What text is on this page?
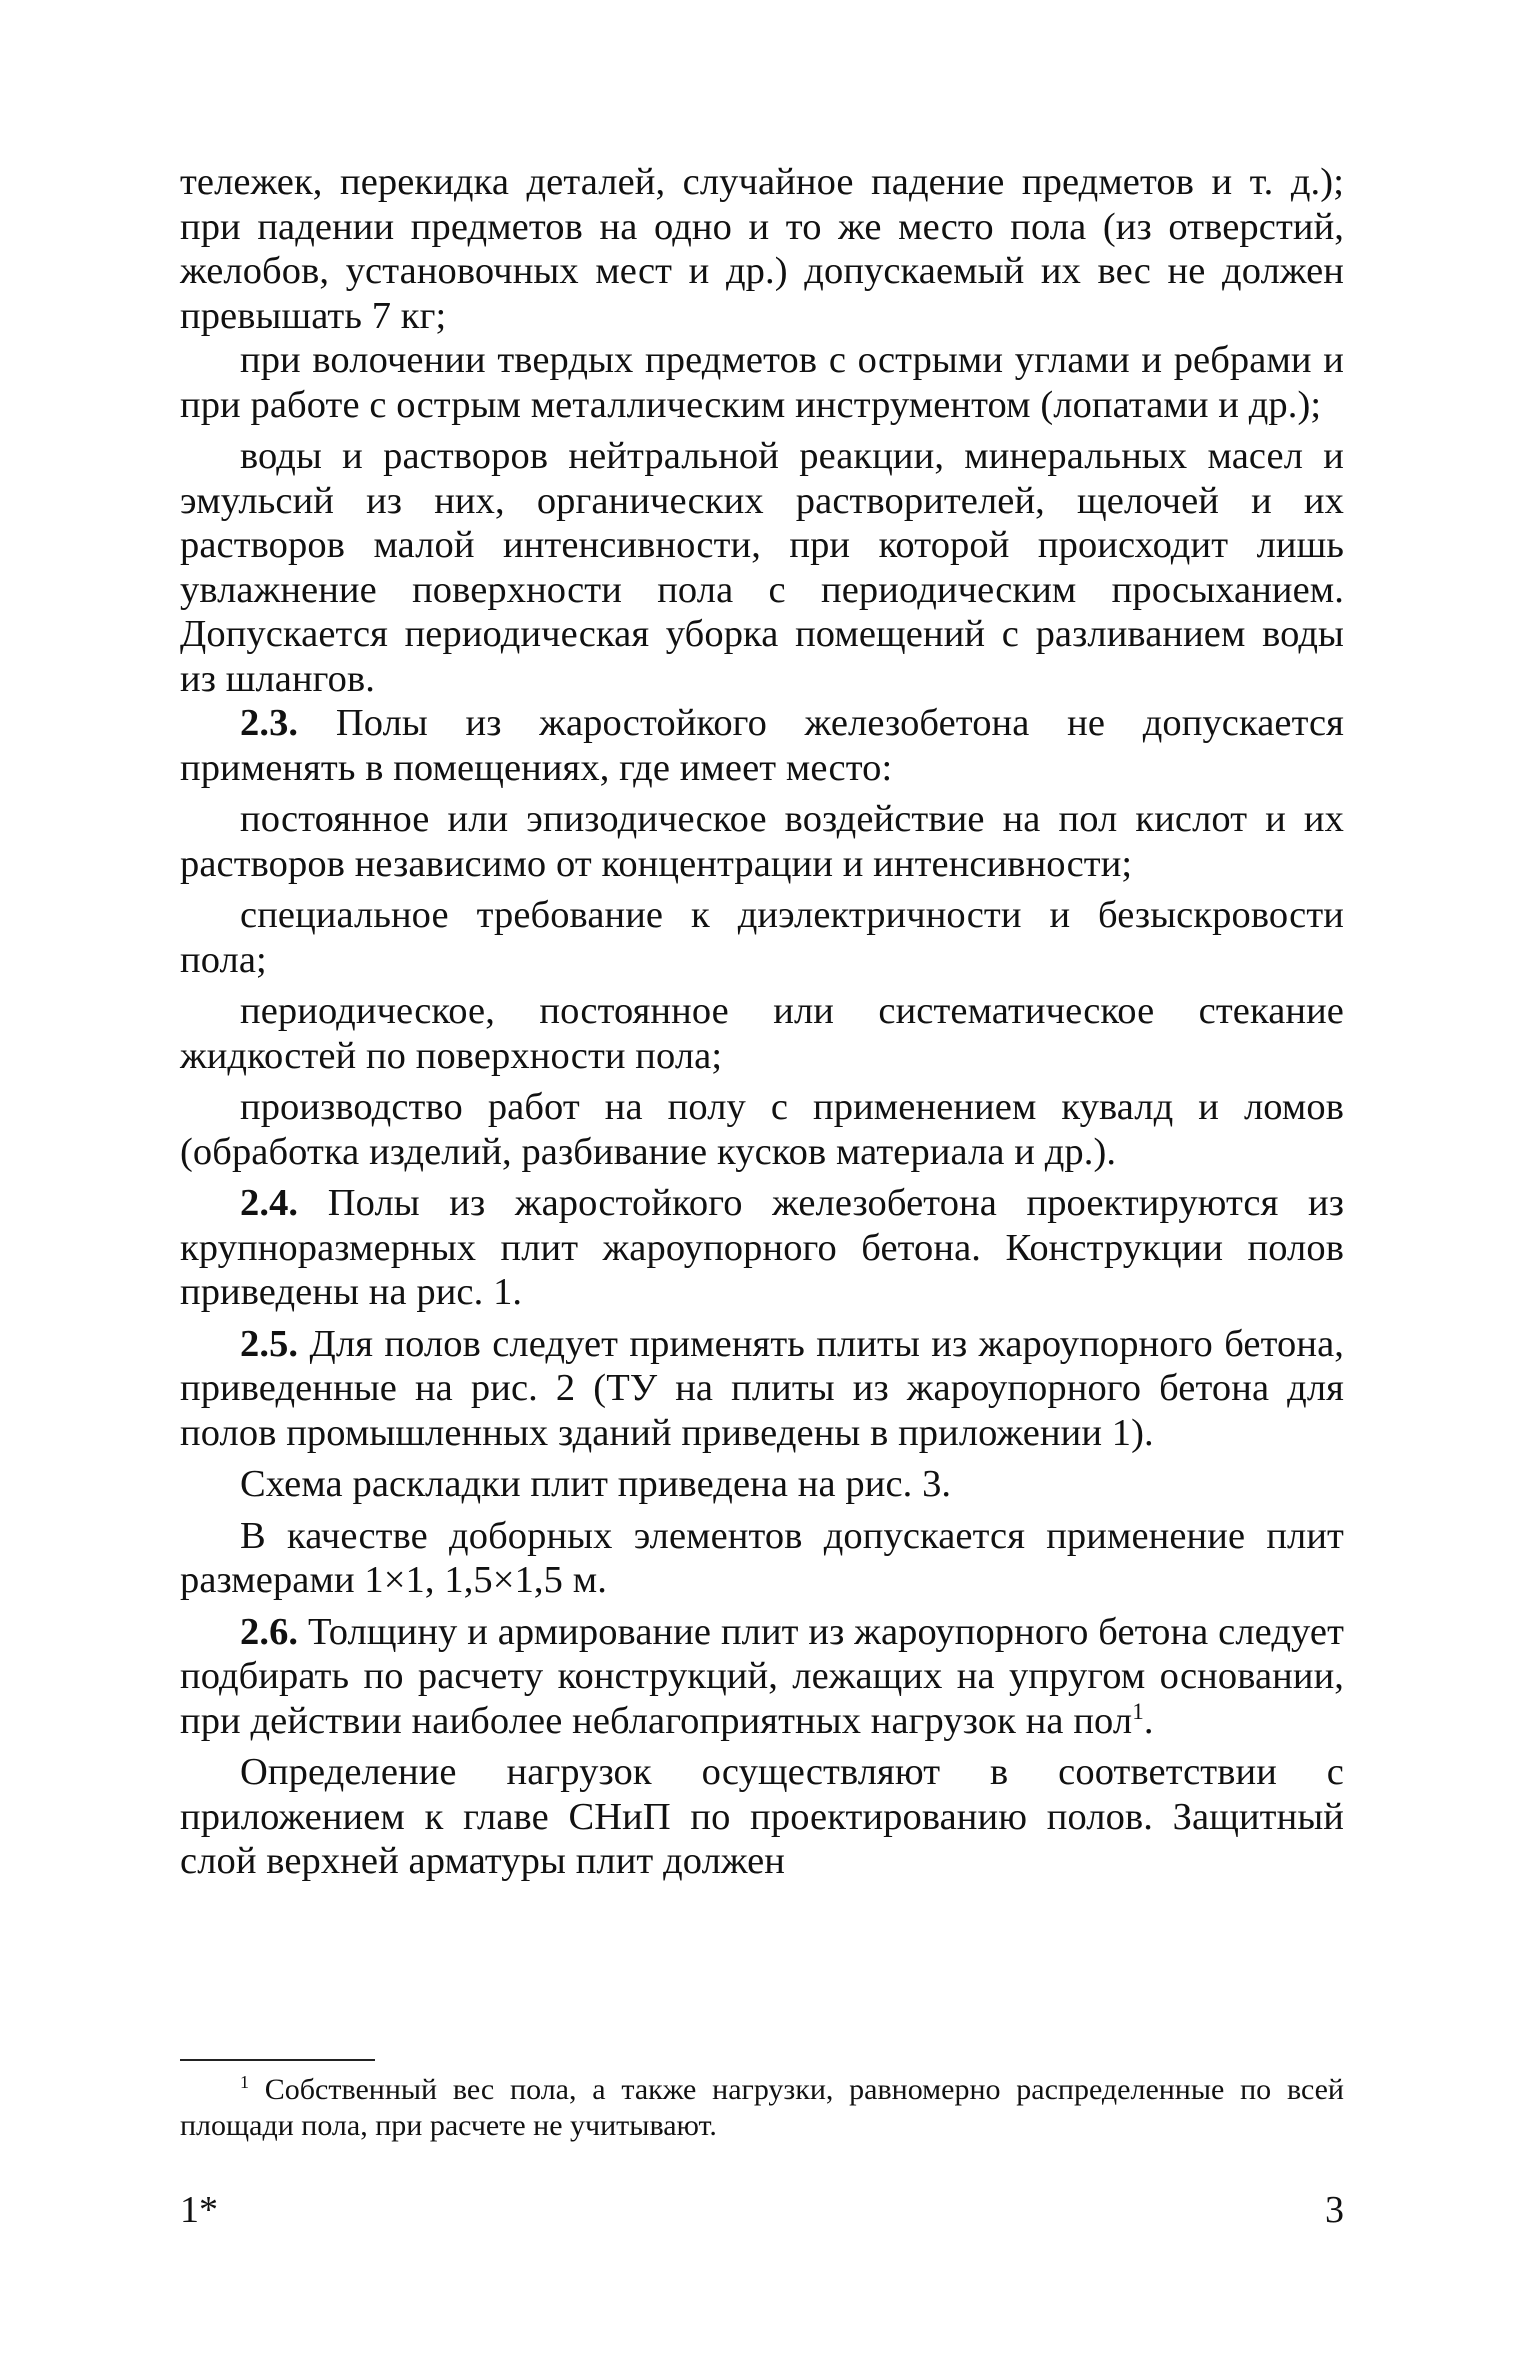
тележек, перекидка деталей, случайное падение предметов и т. д.); при падении предметов на одно и то же место пола (из отверстий, желобов, установочных мест и др.) допускаемый их вес не должен превышать 7 кг;

при волочении твердых предметов с острыми углами и ребрами и при работе с острым металлическим инструментом (лопатами и др.);

воды и растворов нейтральной реакции, минеральных масел и эмульсий из них, органических растворителей, щелочей и их растворов малой интенсивности, при которой происходит лишь увлажнение поверхности пола с периодическим просыханием. Допускается периодическая уборка помещений с разливанием воды из шлангов.

2.3. Полы из жаростойкого железобетона не допускается применять в помещениях, где имеет место:

постоянное или эпизодическое воздействие на пол кислот и их растворов независимо от концентрации и интенсивности;

специальное требование к диэлектричности и безыскровости пола;

периодическое, постоянное или систематическое стекание жидкостей по поверхности пола;

производство работ на полу с применением кувалд и ломов (обработка изделий, разбивание кусков материала и др.).

2.4. Полы из жаростойкого железобетона проектируются из крупноразмерных плит жароупорного бетона. Конструкции полов приведены на рис. 1.

2.5. Для полов следует применять плиты из жароупорного бетона, приведенные на рис. 2 (ТУ на плиты из жароупорного бетона для полов промышленных зданий приведены в приложении 1).

Схема раскладки плит приведена на рис. 3.

В качестве доборных элементов допускается применение плит размерами 1×1, 1,5×1,5 м.

2.6. Толщину и армирование плит из жароупорного бетона следует подбирать по расчету конструкций, лежащих на упругом основании, при действии наиболее неблагоприятных нагрузок на пол$^1$.

Определение нагрузок осуществляют в соответствии с приложением к главе СНиП по проектированию полов. Защитный слой верхней арматуры плит должен

$^1$ Собственный вес пола, а также нагрузки, равномерно распределенные по всей площади пола, при расчете не учитывают.

1*	3
